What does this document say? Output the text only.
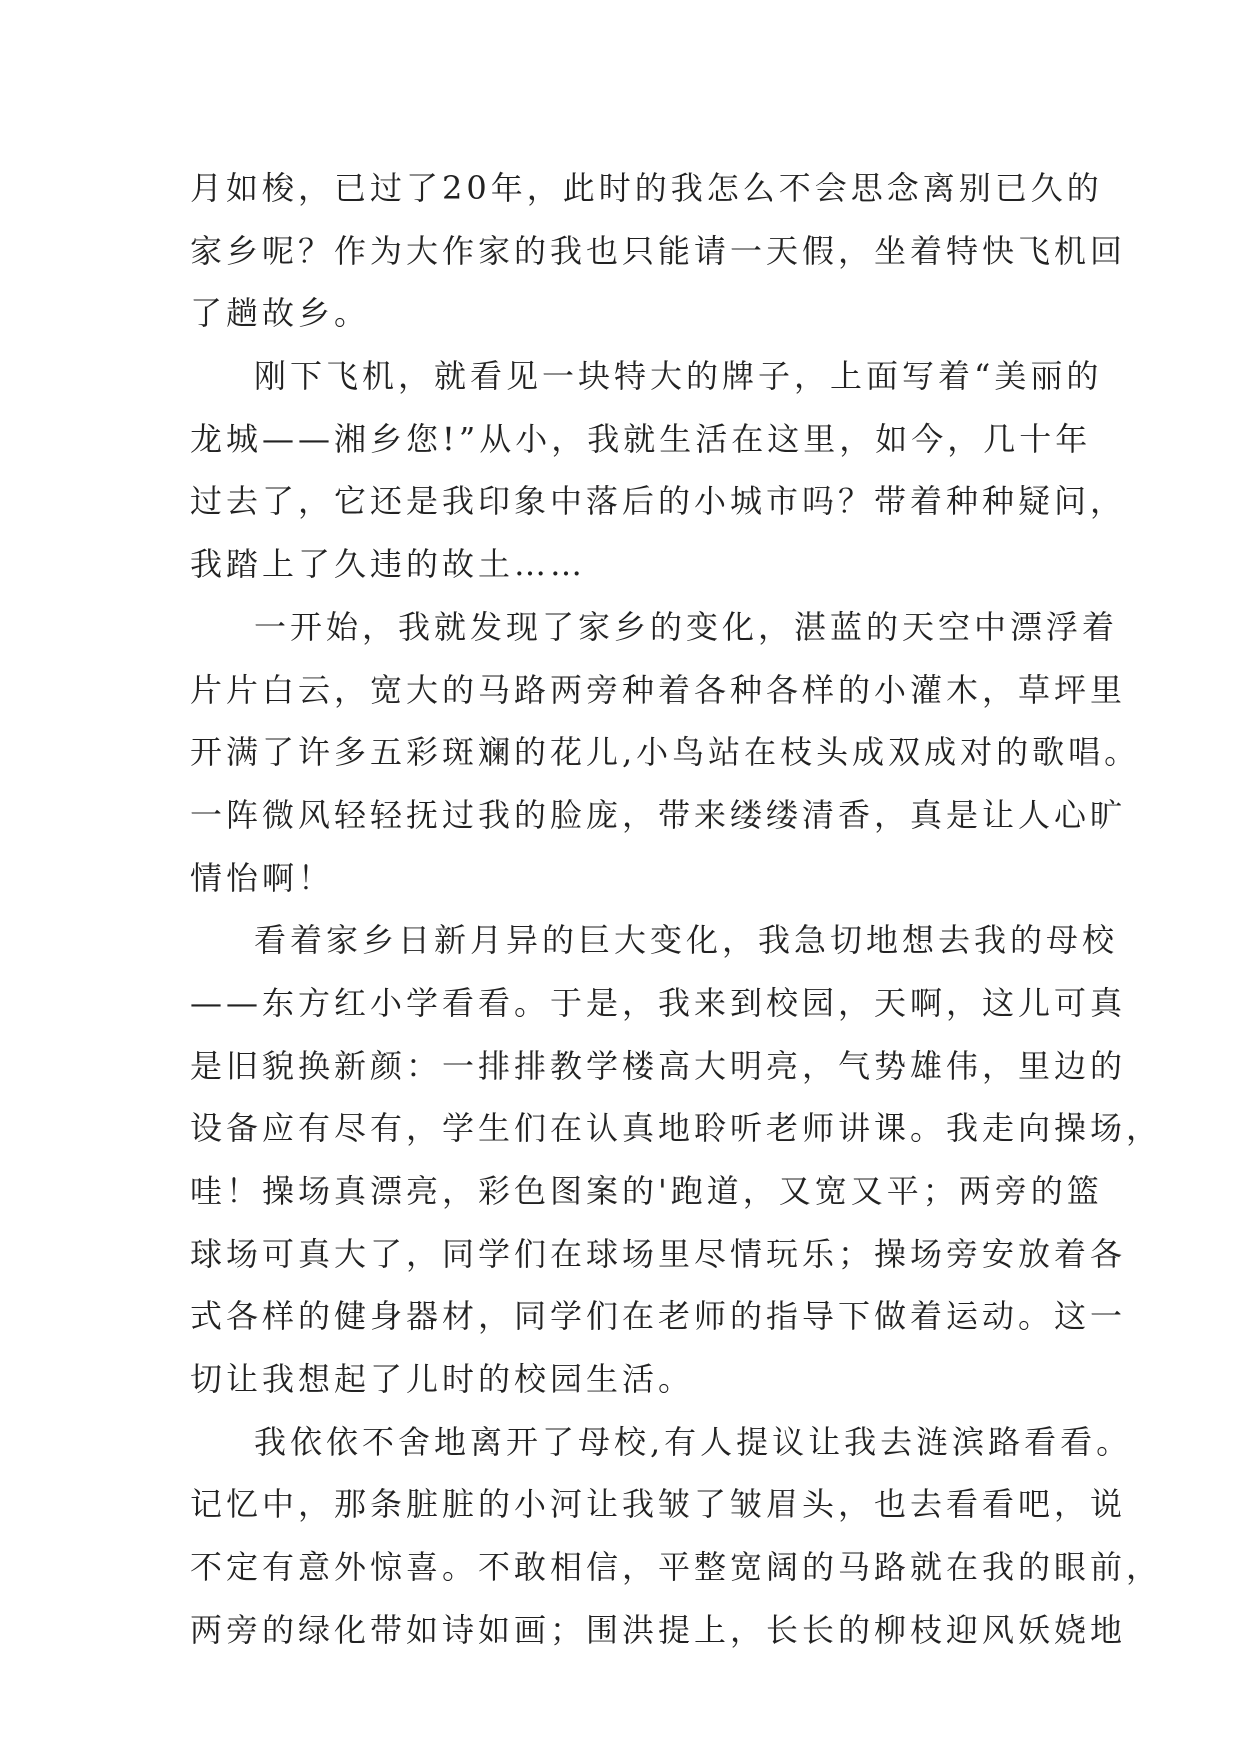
月如梭，已过了20年，此时的我怎么不会思念离别已久的
家乡呢？作为大作家的我也只能请一天假，坐着特快飞机回
了趟故乡。
刚下飞机，就看见一块特大的牌子，上面写着“美丽的
龙城——湘乡您!”从小，我就生活在这里，如今，几十年
过去了，它还是我印象中落后的小城市吗？带着种种疑问，
我踏上了久违的故土……
一开始，我就发现了家乡的变化，湛蓝的天空中漂浮着
片片白云，宽大的马路两旁种着各种各样的小灌木，草坪里
开满了许多五彩斑斓的花儿,小鸟站在枝头成双成对的歌唱。
一阵微风轻轻抚过我的脸庞，带来缕缕清香，真是让人心旷
情怡啊！
看着家乡日新月异的巨大变化，我急切地想去我的母校
——东方红小学看看。于是，我来到校园，天啊，这儿可真
是旧貌换新颜：一排排教学楼高大明亮，气势雄伟，里边的
设备应有尽有，学生们在认真地聆听老师讲课。我走向操场，
哇！操场真漂亮，彩色图案的'跑道，又宽又平；两旁的篮
球场可真大了，同学们在球场里尽情玩乐；操场旁安放着各
式各样的健身器材，同学们在老师的指导下做着运动。这一
切让我想起了儿时的校园生活。
我依依不舍地离开了母校,有人提议让我去涟滨路看看。
记忆中，那条脏脏的小河让我皱了皱眉头，也去看看吧，说
不定有意外惊喜。不敢相信，平整宽阔的马路就在我的眼前，
两旁的绿化带如诗如画；围洪提上，长长的柳枝迎风妖娆地
